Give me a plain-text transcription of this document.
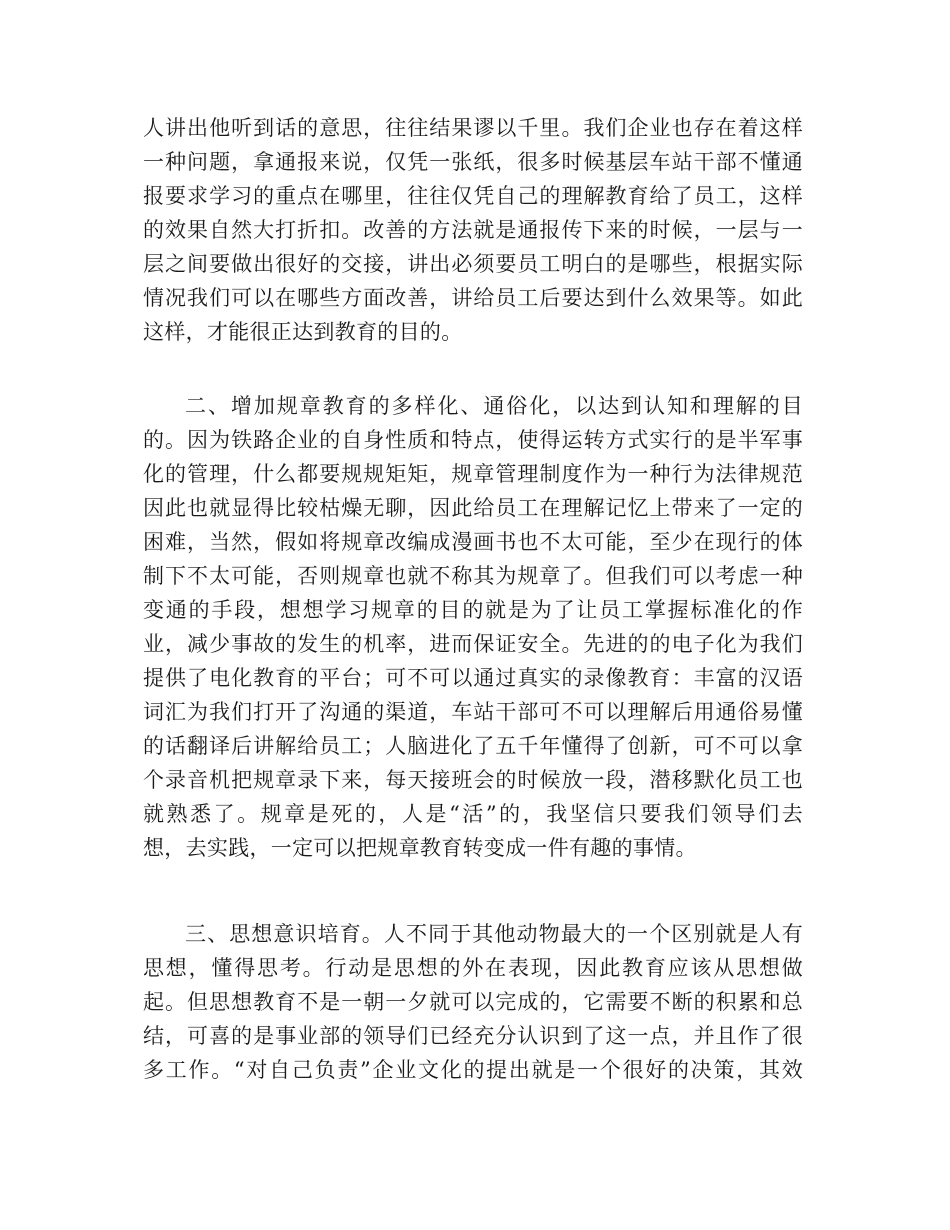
人讲出他听到话的意思，往往结果谬以千里。我们企业也存在着这样
一种问题，拿通报来说，仅凭一张纸，很多时候基层车站干部不懂通
报要求学习的重点在哪里，往往仅凭自己的理解教育给了员工，这样
的效果自然大打折扣。改善的方法就是通报传下来的时候，一层与一
层之间要做出很好的交接，讲出必须要员工明白的是哪些，根据实际
情况我们可以在哪些方面改善，讲给员工后要达到什么效果等。如此
这样，才能很正达到教育的目的。
二、增加规章教育的多样化、通俗化，以达到认知和理解的目
的。因为铁路企业的自身性质和特点，使得运转方式实行的是半军事
化的管理，什么都要规规矩矩，规章管理制度作为一种行为法律规范
因此也就显得比较枯燥无聊，因此给员工在理解记忆上带来了一定的
困难，当然，假如将规章改编成漫画书也不太可能，至少在现行的体
制下不太可能，否则规章也就不称其为规章了。但我们可以考虑一种
变通的手段，想想学习规章的目的就是为了让员工掌握标准化的作
业，减少事故的发生的机率，进而保证安全。先进的的电子化为我们
提供了电化教育的平台；可不可以通过真实的录像教育：丰富的汉语
词汇为我们打开了沟通的渠道，车站干部可不可以理解后用通俗易懂
的话翻译后讲解给员工；人脑进化了五千年懂得了创新，可不可以拿
个录音机把规章录下来，每天接班会的时候放一段，潜移默化员工也
就熟悉了。规章是死的，人是“活”的，我坚信只要我们领导们去
想，去实践，一定可以把规章教育转变成一件有趣的事情。
三、思想意识培育。人不同于其他动物最大的一个区别就是人有
思想，懂得思考。行动是思想的外在表现，因此教育应该从思想做
起。但思想教育不是一朝一夕就可以完成的，它需要不断的积累和总
结，可喜的是事业部的领导们已经充分认识到了这一点，并且作了很
多工作。“对自己负责”企业文化的提出就是一个很好的决策，其效
